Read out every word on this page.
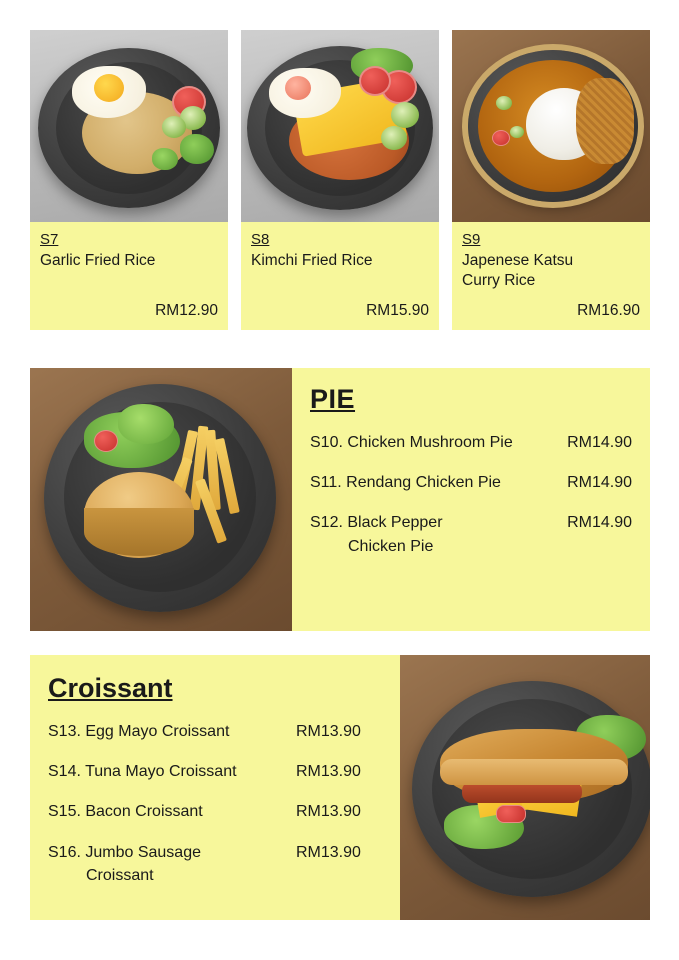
S7
Garlic Fried Rice
RM12.90
S8
Kimchi Fried Rice
RM15.90
S9
Japenese Katsu
Curry Rice
RM16.90
PIE
S10. Chicken Mushroom Pie	RM14.90
S11. Rendang Chicken Pie	RM14.90
S12. Black Pepper
Chicken Pie
RM14.90
Croissant
S13. Egg Mayo Croissant	RM13.90
S14. Tuna Mayo Croissant	RM13.90
S15. Bacon Croissant	RM13.90
S16. Jumbo Sausage
Croissant
RM13.90
